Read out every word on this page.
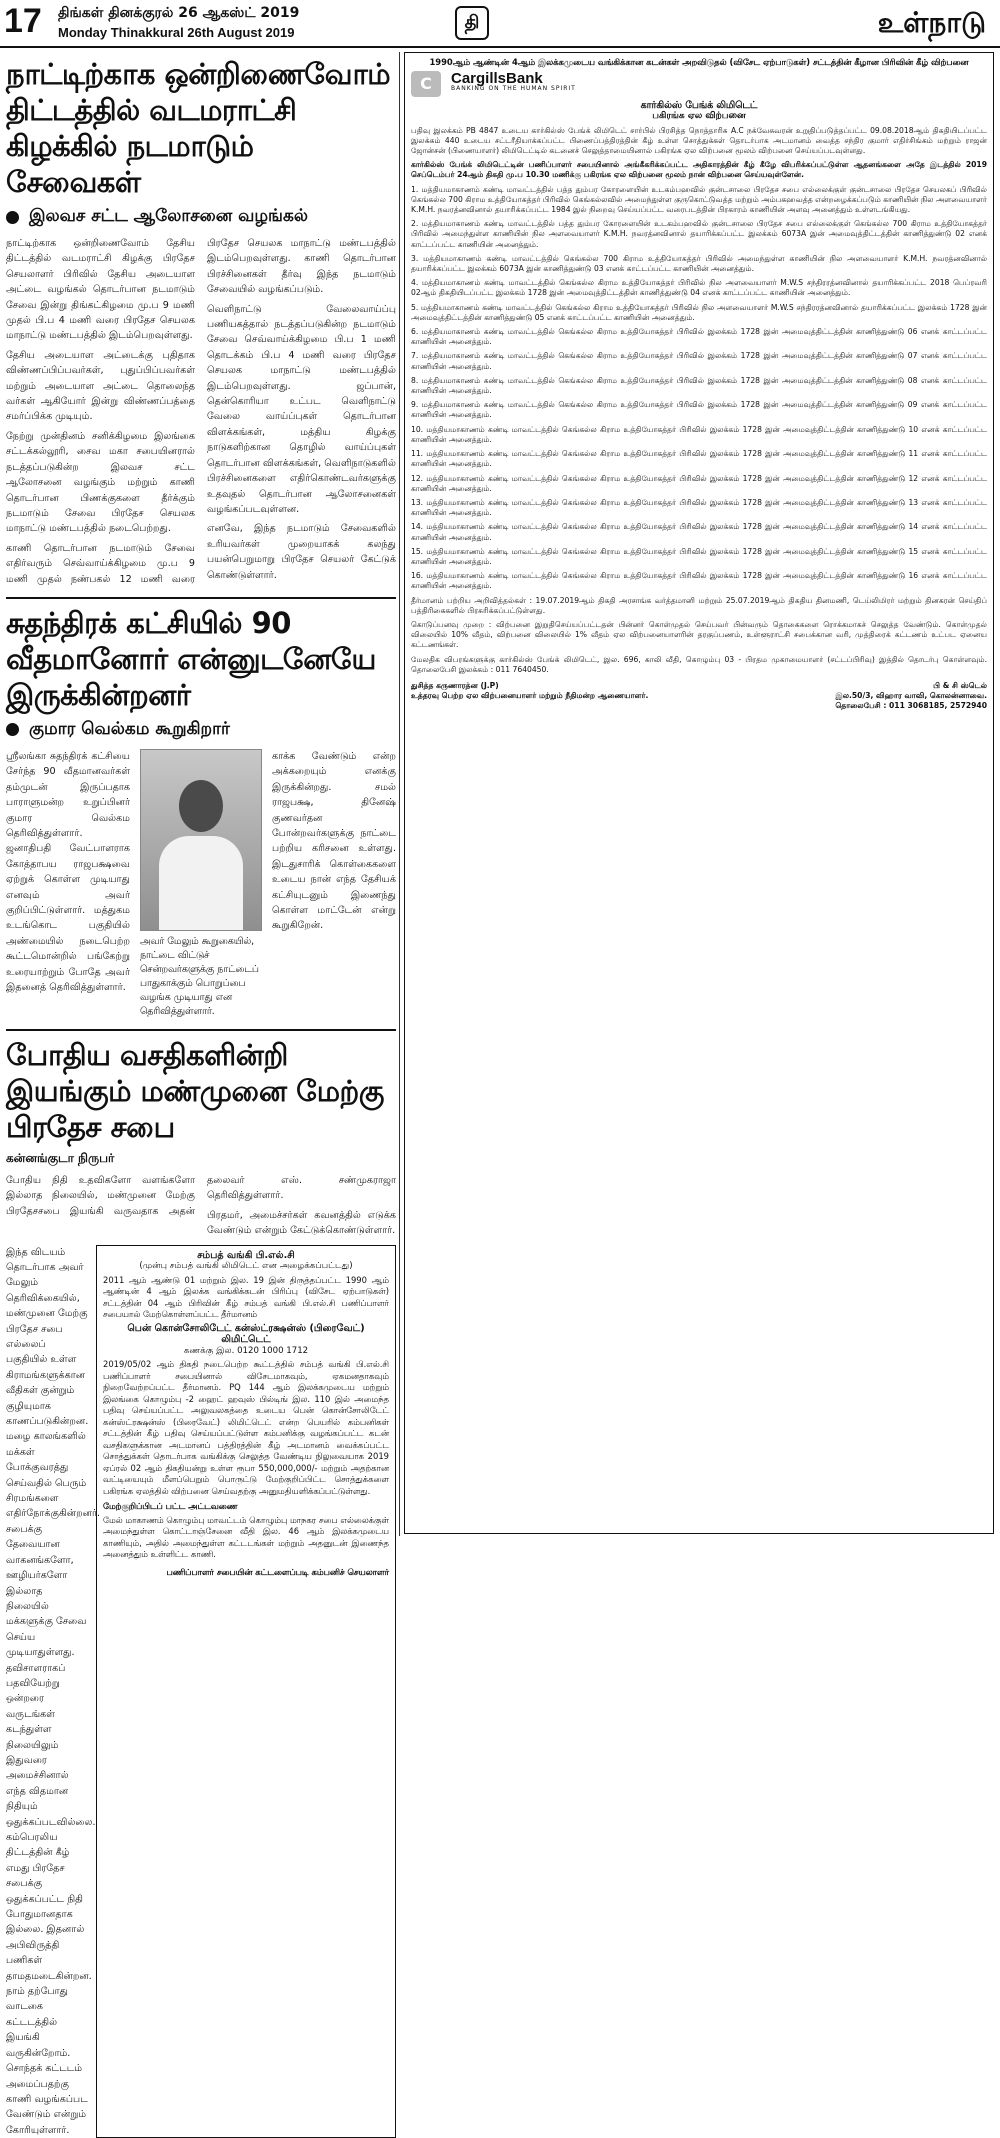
17 திங்கள் தினக்குரல் 26 ஆகஸ்ட் 2019
Monday Thinakkural 26th August 2019	தி	உள்நாடு
நாட்டிற்காக ஒன்றிணைவோம் திட்டத்தில் வடமராட்சி கிழக்கில் நடமாடும் சேவைகள்
இலவச சட்ட ஆலோசனை வழங்கல்

நாட்டிற்காக ஒன்றிணைவோம் தேசிய திட்டத்தில் வடமராட்சி கிழக்கு பிரதேச செயலாளர் பிரிவில் தேசிய அடையாள அட்டை வழங்கல் தொடர்பான நடமாடும் சேவை இன்று திங்கட்கிழமை மு.ப 9 மணி முதல் பி.ப 4 மணி வரை பிரதேச செயலக மாநாட்டு மண்டபத்தில் இடம்பெறவுள்ளது.

தேசிய அடையாள அட்டைக்கு புதிதாக விண்ணப்பிப்பவர்கள், புதுப்பிப்பவர்கள் மற்றும் அடையாள அட்டை தொலைந்த வர்கள் ஆகியோர் இன்று விண்ணப்பத்தை சமர்ப்பிக்க முடியும்.

நேற்று முன்தினம் சனிக்கிழமை இலங்கை சட்டக்கல்லூரி, சைவ மகா சபையினரால் நடத்தப்படுகின்ற இலவச சட்ட ஆலோசனை வழங்கும் மற்றும் காணி தொடர்பான பிணக்குகளை தீர்க்கும் நடமாடும் சேவை பிரதேச செயலக மாநாட்டு மண்டபத்தில் நடைபெற்றது.

காணி தொடர்பான நடமாடும் சேவை எதிர்வரும் செவ்வாய்க்கிழமை மு.ப 9 மணி முதல் நண்பகல் 12 மணி வரை பிரதேச செயலக மாநாட்டு மண்டபத்தில் இடம்பெறவுள்ளது. காணி தொடர்பான பிரச்சினைகள் தீர்வு இந்த நடமாடும் சேவையில் வழங்கப்படும்.

வெளிநாட்டு வேலைவாய்ப்பு பணியகத்தால் நடத்தப்படுகின்ற நடமாடும் சேவை செவ்வாய்க்கிழமை பி.ப 1 மணி தொடக்கம் பி.ப 4 மணி வரை பிரதேச செயலக மாநாட்டு மண்டபத்தில் இடம்பெறவுள்ளது. ஜப்பான், தென்கொரியா உட்பட வெளிநாட்டு வேலை வாய்ப்புகள் தொடர்பான விளக்கங்கள், மத்திய கிழக்கு நாடுகளிற்கான தொழில் வாய்ப்புகள் தொடர்பான விளக்கங்கள், வெளிநாடுகளில் பிரச்சினைகளை எதிர்கொண்டவர்களுக்கு உதவுதல் தொடர்பான ஆலோசனைகள் வழங்கப்படவுள்ளன.

எனவே, இந்த நடமாடும் சேவைகளில் உரியவர்கள் முறையாகக் கலந்து பயன்பெறுமாறு பிரதேச செயலர் கேட்டுக் கொண்டுள்ளார்.

சுதந்திரக் கட்சியில் 90 வீதமானோர் என்னுடனேயே இருக்கின்றனர்
குமார வெல்கம கூறுகிறார்
ஸ்ரீலங்கா சுதந்திரக் கட்சியை சேர்ந்த 90 வீதமானவர்கள் தம்முடன் இருப்பதாக பாராளுமன்ற உறுப்பினர் குமார வெல்கம தெரிவித்துள்ளார். ஜனாதிபதி வேட்பாளராக கோத்தாபய ராஜபக்ஷவை ஏற்றுக் கொள்ள முடியாது எனவும் அவர் குறிப்பிட்டுள்ளார். மத்துகம உடங்கொட பகுதியில் அண்மையில் நடைபெற்ற கூட்டமொன்றில் பங்கேற்று உரையாற்றும் போதே அவர் இதனைத் தெரிவித்துள்ளார்.
அவர் மேலும் கூறுகையில், நாட்டை விட்டுச் சென்றவர்களுக்கு நாட்டைப் பாதுகாக்கும் பொறுப்பை வழங்க முடியாது என தெரிவித்துள்ளார்.
காக்க வேண்டும் என்ற அக்கறையும் எனக்கு இருக்கின்றது. சமல் ராஜபக்ஷ, தினேஷ் குணவர்தன போன்றவர்களுக்கு நாட்டை பற்றிய கரிசனை உள்ளது. இடதுசாரிக் கொள்கைகளை உடைய நான் எந்த தேசியக் கட்சியுடனும் இணைந்து கொள்ள மாட்டேன் என்று கூறுகிறேன்.
போதிய வசதிகளின்றி இயங்கும் மண்முனை மேற்கு பிரதேச சபை
கன்னங்குடா நிருபர்

போதிய நிதி உதவிகளோ வளங்களோ இல்லாத நிலையில், மண்முனை மேற்கு பிரதேசசபை இயங்கி வருவதாக அதன் தலைவர் எஸ். சண்முகராஜா தெரிவித்துள்ளார்.

பிரதமர், அமைச்சர்கள் கவனத்தில் எடுக்க வேண்டும் என்றும் கேட்டுக்கொண்டுள்ளார்.

இந்த விடயம் தொடர்பாக அவர் மேலும் தெரிவிக்கையில், மண்முனை மேற்கு பிரதேச சபை எல்லைப் பகுதியில் உள்ள கிராமங்களுக்கான வீதிகள் குன்றும் குழியுமாக காணப்படுகின்றன. மழை காலங்களில் மக்கள் போக்குவரத்து செய்வதில் பெரும் சிரமங்களை எதிர்நோக்குகின்றனர். சபைக்கு தேவையான வாகனங்களோ, ஊழியர்களோ இல்லாத நிலையில் மக்களுக்கு சேவை செய்ய முடியாதுள்ளது. தவிசாளராகப் பதவியேற்று ஒன்றரை வருடங்கள் கடந்துள்ள நிலையிலும் இதுவரை அமைச்சினால் எந்த விதமான நிதியும் ஒதுக்கப்படவில்லை. கம்பெரலிய திட்டத்தின் கீழ் எமது பிரதேச சபைக்கு ஒதுக்கப்பட்ட நிதி போதுமானதாக இல்லை. இதனால் அபிவிருத்தி பணிகள் தாமதமடைகின்றன. நாம் தற்போது வாடகை கட்டடத்தில் இயங்கி வருகின்றோம். சொந்தக் கட்டடம் அமைப்பதற்கு காணி வழங்கப்பட வேண்டும் என்றும் கோரியுள்ளார்.
சம்பத் வங்கி பி.எல்.சி
(முன்பு சம்பத் வங்கி லிமிடெட் என அழைக்கப்பட்டது)

2011 ஆம் ஆண்டு 01 மற்றும் இல. 19 இன் திருத்தப்பட்ட 1990 ஆம் ஆண்டின் 4 ஆம் இலக்க வங்கிக்கடன் பிரிப்பு (விசேட ஏற்பாடுகள்) சட்டத்தின் 04 ஆம் பிரிவின் கீழ் சம்பத் வங்கி பி.எல்.சி பணிப்பாளர் சபையால் மேற்கொள்ளப்பட்ட தீர்மானம்

பென் கொன்சோலிடேட் கன்ஸ்ட்ரக்ஷன்ஸ் (பிரைவேட்) லிமிட்டெட்
கணக்கு இல. 0120 1000 1712

2019/05/02 ஆம் திகதி நடைபெற்ற கூட்டத்தில் சம்பத் வங்கி பி.எல்.சி பணிப்பாளர் சபையினால் விசேடமாகவும், ஏகமனதாகவும் நிறைவேற்றப்பட்ட தீர்மானம். PQ 144 ஆம் இலக்கமுடைய மற்றும் இலங்கை கொழும்பு -2 ஹைட் ஹவுஸ் பில்டிங் இல. 110 இல் அமைந்த பதிவு செய்யப்பட்ட அலுவலகத்தை உடைய பென் கொன்சோலிடேட் கன்ஸ்ட்ரக்ஷன்ஸ் (பிரைவேட்) லிமிட்டெட் என்ற பெயரில் கம்பனிகள் சட்டத்தின் கீழ் பதிவு செய்யப்பட்டுள்ள கம்பனிக்கு வழங்கப்பட்ட கடன் வசதிகளுக்கான அடமானப் பத்திரத்தின் கீழ் அடமானம் வைக்கப்பட்ட சொத்துக்கள் தொடர்பாக வங்கிக்கு செலுத்த வேண்டிய நிலுவையாக 2019 ஏப்ரல் 02 ஆம் திகதியன்று உள்ள ரூபா 550,000,000/- மற்றும் அதற்கான வட்டியையும் மீளப்பெறும் பொருட்டு மேற்குறிப்பிட்ட சொத்துக்களை பகிரங்க ஏலத்தில் விற்பனை செய்வதற்கு அனுமதியளிக்கப்பட்டுள்ளது.

மேற்குறிப்பிடப் பட்ட அட்டவணை

மேல் மாகாணம் கொழும்பு மாவட்டம் கொழும்பு மாநகர சபை எல்லைக்குள் அமைந்துள்ள கொட்டாஞ்சேனை வீதி இல. 46 ஆம் இலக்கமுடைய காணியும், அதில் அமைந்துள்ள கட்டடங்கள் மற்றும் அதனுடன் இணைந்த அனைத்தும் உள்ளிட்ட காணி.

பணிப்பாளர் சபையின் கட்டளைப்படி கம்பனிச் செயலாளர்
1990ஆம் ஆண்டின் 4ஆம் இலக்கமுடைய வங்கிக்கான கடன்கள் அறவிடுதல் (விசேட ஏற்பாடுகள்) சட்டத்தின் கீழான பிரிவின் கீழ் விற்பனை
C	CargillsBank
BANKING ON THE HUMAN SPIRIT
கார்கில்ஸ் பேங்க் லிமிடெட்
பகிரங்க ஏல விற்பனை

பதிவு இலக்கம் PB 4847 உடைய கார்கில்ஸ் பேங்க் லிமிடெட் சார்பில் பிரசித்த நொத்தாரிசு A.C நக்வேசுவரன் உறுதிப்படுத்தப்பட்ட 09.08.2018ஆம் திகதியிடப்பட்ட இலக்கம் 440 உடைய சட்டரீதியாக்கப்பட்ட பிணைப்பத்திரத்தின் கீழ் உள்ள சொத்துக்கள் தொடர்பாக அடமானம் வைத்த சந்திர குமார் எதிர்சிங்கம் மற்றும் ராஜன் ஜோன்சன் (பிணையாளர்) லிமிடெட்டில் கடனைச் செலுத்தாமையினால் பகிரங்க ஏல விற்பனை மூலம் விற்பனை செய்யப்படவுள்ளது.

கார்கில்ஸ் பேங்க் லிமிடெட்டின் பணிப்பாளர் சபையினால் அங்கீகரிக்கப்பட்ட அதிகாரத்தின் கீழ் கீழே விபரிக்கப்பட்டுள்ள ஆதனங்களை அதே இடத்தில் 2019 செப்டெம்பர் 24ஆம் திகதி மு.ப 10.30 மணிக்கு பகிரங்க ஏல விற்பனை மூலம் நான் விற்பனை செய்யவுள்ளேன்.

1. மத்தியமாகாணம் கண்டி மாவட்டத்தில் பத்த தும்பர கோரளையின் உடகம்பஹவில் குன்டசாலை பிரதேச சபை எல்லைக்குள் குன்டசாலை பிரதேச செயலகப் பிரிவில் கெங்கல்ல 700 கிராம உத்தியோகத்தர் பிரிவில் கெங்கல்லவில் அமைந்துள்ள குருகொட்டுவத்த மற்றும் அம்பகஹவத்த என்றழைக்கப்படும் காணியின் நில அளவையாளர் K.M.H. நவரத்னவினால் தயாரிக்கப்பட்ட 1984 இல் நிறைவு செய்யப்பட்ட வரைபடத்தின் பிரகாரம் காணியின் அளவு அனைத்தும் உள்ளடங்கியது.

2. மத்தியமாகாணம் கண்டி மாவட்டத்தில் பத்த தும்பர கோரளையின் உடகம்பஹவில் குன்டசாலை பிரதேச சபை எல்லைக்குள் கெங்கல்ல 700 கிராம உத்தியோகத்தர் பிரிவில் அமைந்துள்ள காணியின் நில அளவையாளர் K.M.H. நவரத்னவினால் தயாரிக்கப்பட்ட இலக்கம் 6073A இன் அமைவுத்திட்டத்தின் காணித்துண்டு 02 எனக் காட்டப்பட்ட காணியின் அனைத்தும்.

3. மத்தியமாகாணம் கண்டி மாவட்டத்தில் கெங்கல்ல 700 கிராம உத்தியோகத்தர் பிரிவில் அமைந்துள்ள காணியின் நில அளவையாளர் K.M.H. நவரத்னவினால் தயாரிக்கப்பட்ட இலக்கம் 6073A இன் காணித்துண்டு 03 எனக் காட்டப்பட்ட காணியின் அனைத்தும்.

4. மத்தியமாகாணம் கண்டி மாவட்டத்தில் கெங்கல்ல கிராம உத்தியோகத்தர் பிரிவில் நில அளவையாளர் M.W.S சந்திரரத்னவினால் தயாரிக்கப்பட்ட 2018 பெப்ரவரி 02ஆம் திகதியிடப்பட்ட இலக்கம் 1728 இன் அமைவுத்திட்டத்தின் காணித்துண்டு 04 எனக் காட்டப்பட்ட காணியின் அனைத்தும்.

5. மத்தியமாகாணம் கண்டி மாவட்டத்தில் கெங்கல்ல கிராம உத்தியோகத்தர் பிரிவில் நில அளவையாளர் M.W.S சந்திரரத்னவினால் தயாரிக்கப்பட்ட இலக்கம் 1728 இன் அமைவுத்திட்டத்தின் காணித்துண்டு 05 எனக் காட்டப்பட்ட காணியின் அனைத்தும்.

6. மத்தியமாகாணம் கண்டி மாவட்டத்தில் கெங்கல்ல கிராம உத்தியோகத்தர் பிரிவில் இலக்கம் 1728 இன் அமைவுத்திட்டத்தின் காணித்துண்டு 06 எனக் காட்டப்பட்ட காணியின் அனைத்தும்.

7. மத்தியமாகாணம் கண்டி மாவட்டத்தில் கெங்கல்ல கிராம உத்தியோகத்தர் பிரிவில் இலக்கம் 1728 இன் அமைவுத்திட்டத்தின் காணித்துண்டு 07 எனக் காட்டப்பட்ட காணியின் அனைத்தும்.

8. மத்தியமாகாணம் கண்டி மாவட்டத்தில் கெங்கல்ல கிராம உத்தியோகத்தர் பிரிவில் இலக்கம் 1728 இன் அமைவுத்திட்டத்தின் காணித்துண்டு 08 எனக் காட்டப்பட்ட காணியின் அனைத்தும்.

9. மத்தியமாகாணம் கண்டி மாவட்டத்தில் கெங்கல்ல கிராம உத்தியோகத்தர் பிரிவில் இலக்கம் 1728 இன் அமைவுத்திட்டத்தின் காணித்துண்டு 09 எனக் காட்டப்பட்ட காணியின் அனைத்தும்.

10. மத்தியமாகாணம் கண்டி மாவட்டத்தில் கெங்கல்ல கிராம உத்தியோகத்தர் பிரிவில் இலக்கம் 1728 இன் அமைவுத்திட்டத்தின் காணித்துண்டு 10 எனக் காட்டப்பட்ட காணியின் அனைத்தும்.

11. மத்தியமாகாணம் கண்டி மாவட்டத்தில் கெங்கல்ல கிராம உத்தியோகத்தர் பிரிவில் இலக்கம் 1728 இன் அமைவுத்திட்டத்தின் காணித்துண்டு 11 எனக் காட்டப்பட்ட காணியின் அனைத்தும்.

12. மத்தியமாகாணம் கண்டி மாவட்டத்தில் கெங்கல்ல கிராம உத்தியோகத்தர் பிரிவில் இலக்கம் 1728 இன் அமைவுத்திட்டத்தின் காணித்துண்டு 12 எனக் காட்டப்பட்ட காணியின் அனைத்தும்.

13. மத்தியமாகாணம் கண்டி மாவட்டத்தில் கெங்கல்ல கிராம உத்தியோகத்தர் பிரிவில் இலக்கம் 1728 இன் அமைவுத்திட்டத்தின் காணித்துண்டு 13 எனக் காட்டப்பட்ட காணியின் அனைத்தும்.

14. மத்தியமாகாணம் கண்டி மாவட்டத்தில் கெங்கல்ல கிராம உத்தியோகத்தர் பிரிவில் இலக்கம் 1728 இன் அமைவுத்திட்டத்தின் காணித்துண்டு 14 எனக் காட்டப்பட்ட காணியின் அனைத்தும்.

15. மத்தியமாகாணம் கண்டி மாவட்டத்தில் கெங்கல்ல கிராம உத்தியோகத்தர் பிரிவில் இலக்கம் 1728 இன் அமைவுத்திட்டத்தின் காணித்துண்டு 15 எனக் காட்டப்பட்ட காணியின் அனைத்தும்.

16. மத்தியமாகாணம் கண்டி மாவட்டத்தில் கெங்கல்ல கிராம உத்தியோகத்தர் பிரிவில் இலக்கம் 1728 இன் அமைவுத்திட்டத்தின் காணித்துண்டு 16 எனக் காட்டப்பட்ட காணியின் அனைத்தும்.

தீர்மானம் பற்றிய அறிவித்தல்கள் : 19.07.2019ஆம் திகதி அரசாங்க வர்த்தமானி மற்றும் 25.07.2019ஆம் திகதிய தினமணி, டெய்லிமிரர் மற்றும் தினகரன் செய்திப் பத்திரிகைகளில் பிரசுரிக்கப்பட்டுள்ளது.

கொடுப்பனவு முறை : விற்பனை இறுதிசெய்யப்பட்டதன் பின்னர் கொள்முதல் செய்பவர் பின்வரும் தொகைகளை ரொக்கமாகச் செலுத்த வேண்டும். கொள்முதல் விலையில் 10% வீதம், விற்பனை விலையில் 1% வீதம் ஏல விற்பனையாளரின் தரகுப்பணம், உள்ளூராட்சி சபைக்கான வரி, முத்திரைக் கட்டணம் உட்பட ஏனைய கட்டணங்கள்.

மேலதிக விபரங்களுக்கு கார்கில்ஸ் பேங்க் லிமிடெட், இல. 696, காலி வீதி, கொழும்பு 03 - பிரதம முகாமையாளர் (சட்டப்பிரிவு) இத்தில் தொடர்பு கொள்ளவும். தொலைபேசி இலக்கம் : 011 7640450.

துசித்த கருணாரத்ன (J.P)
உத்தரவு பெற்ற ஏல விற்பனையாளர் மற்றும் நீதிமன்ற ஆணையாளர்.
பி & சி ஸ்டெல்
இல.50/3, விஹார வாவி, கொலன்னாவை.
தொலைபேசி : 011 3068185, 2572940
